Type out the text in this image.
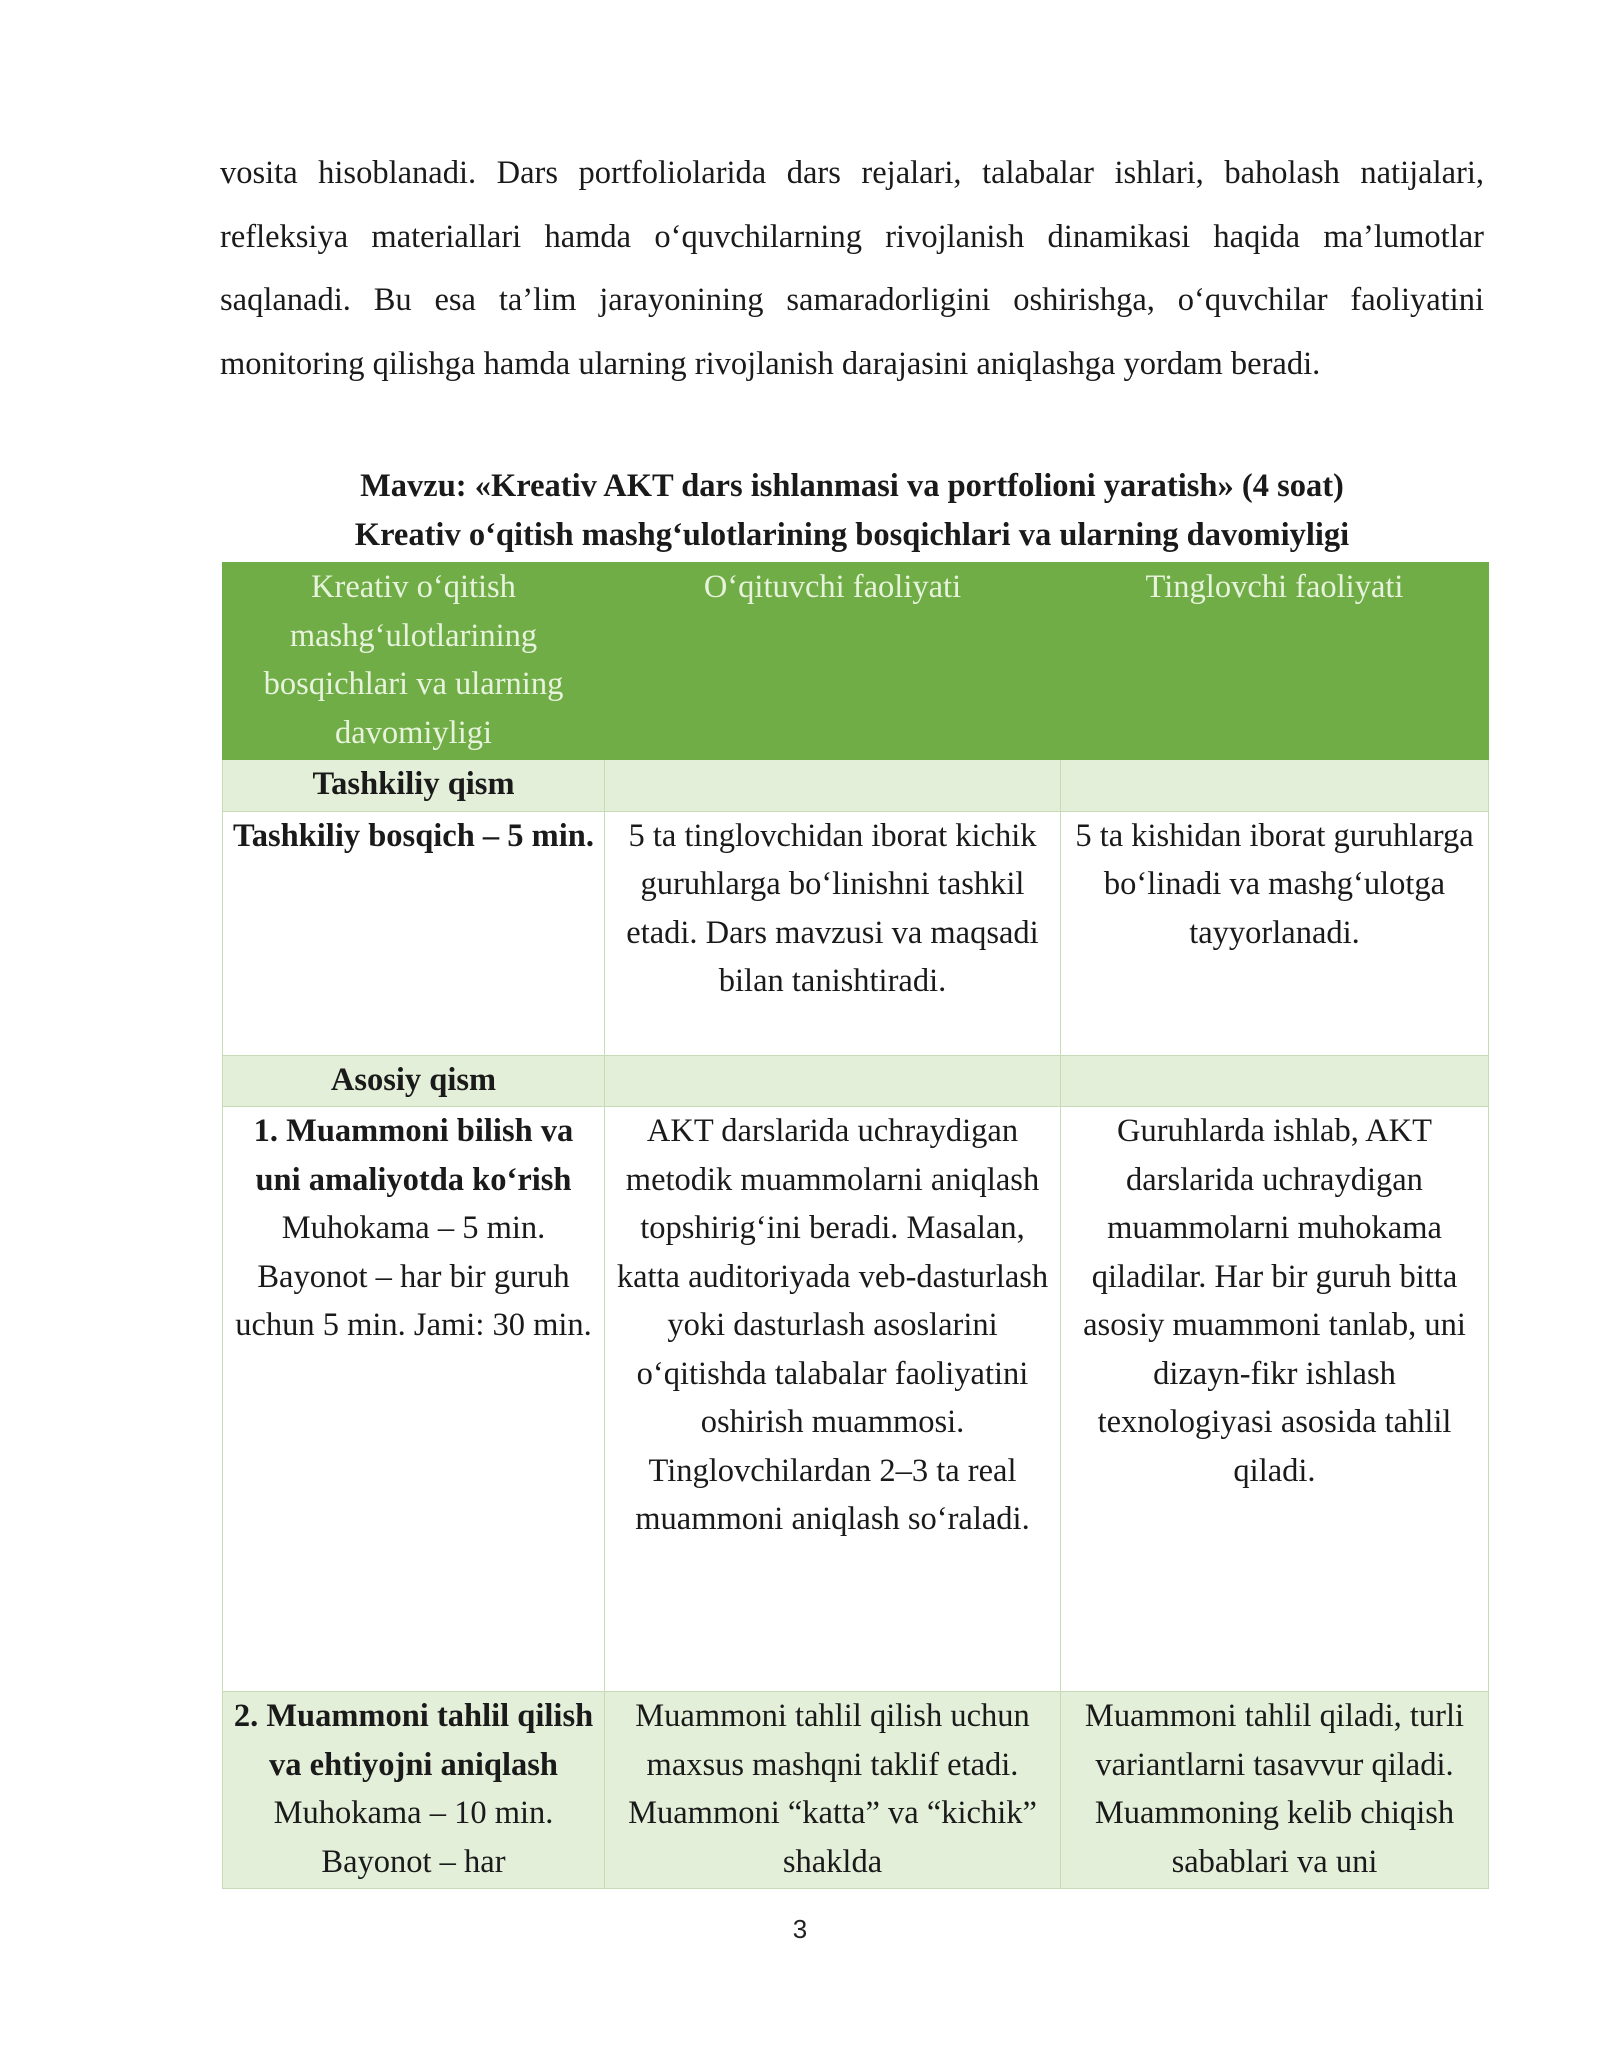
vosita hisoblanadi. Dars portfoliolarida dars rejalari, talabalar ishlari, baholash natijalari, refleksiya materiallari hamda o‘quvchilarning rivojlanish dinamikasi haqida ma’lumotlar saqlanadi. Bu esa ta’lim jarayonining samaradorligini oshirishga, o‘quvchilar faoliyatini monitoring qilishga hamda ularning rivojlanish darajasini aniqlashga yordam beradi.

Mavzu: «Kreativ AKT dars ishlanmasi va portfolioni yaratish» (4 soat)

Kreativ o‘qitish mashg‘ulotlarining bosqichlari va ularning davomiyligi

Kreativ o‘qitish mashg‘ulotlarining bosqichlari va ularning davomiyligi	O‘qituvchi faoliyati	Tinglovchi faoliyati
Tashkiliy qism		
Tashkiliy bosqich – 5 min.	5 ta tinglovchidan iborat kichik guruhlarga bo‘linishni tashkil etadi. Dars mavzusi va maqsadi bilan tanishtiradi.	5 ta kishidan iborat guruhlarga bo‘linadi va mashg‘ulotga tayyorlanadi.
Asosiy qism		
1. Muammoni bilish va uni amaliyotda ko‘rish Muhokama – 5 min. Bayonot – har bir guruh uchun 5 min. Jami: 30 min.	AKT darslarida uchraydigan metodik muammolarni aniqlash topshirig‘ini beradi. Masalan, katta auditoriyada veb-dasturlash yoki dasturlash asoslarini o‘qitishda talabalar faoliyatini oshirish muammosi. Tinglovchilardan 2–3 ta real muammoni aniqlash so‘raladi.	Guruhlarda ishlab, AKT darslarida uchraydigan muammolarni muhokama qiladilar. Har bir guruh bitta asosiy muammoni tanlab, uni dizayn-fikr ishlash texnologiyasi asosida tahlil qiladi.
2. Muammoni tahlil qilish va ehtiyojni aniqlash Muhokama – 10 min. Bayonot – har	Muammoni tahlil qilish uchun maxsus mashqni taklif etadi. Muammoni “katta” va “kichik” shaklda	Muammoni tahlil qiladi, turli variantlarni tasavvur qiladi. Muammoning kelib chiqish sabablari va uni
3
